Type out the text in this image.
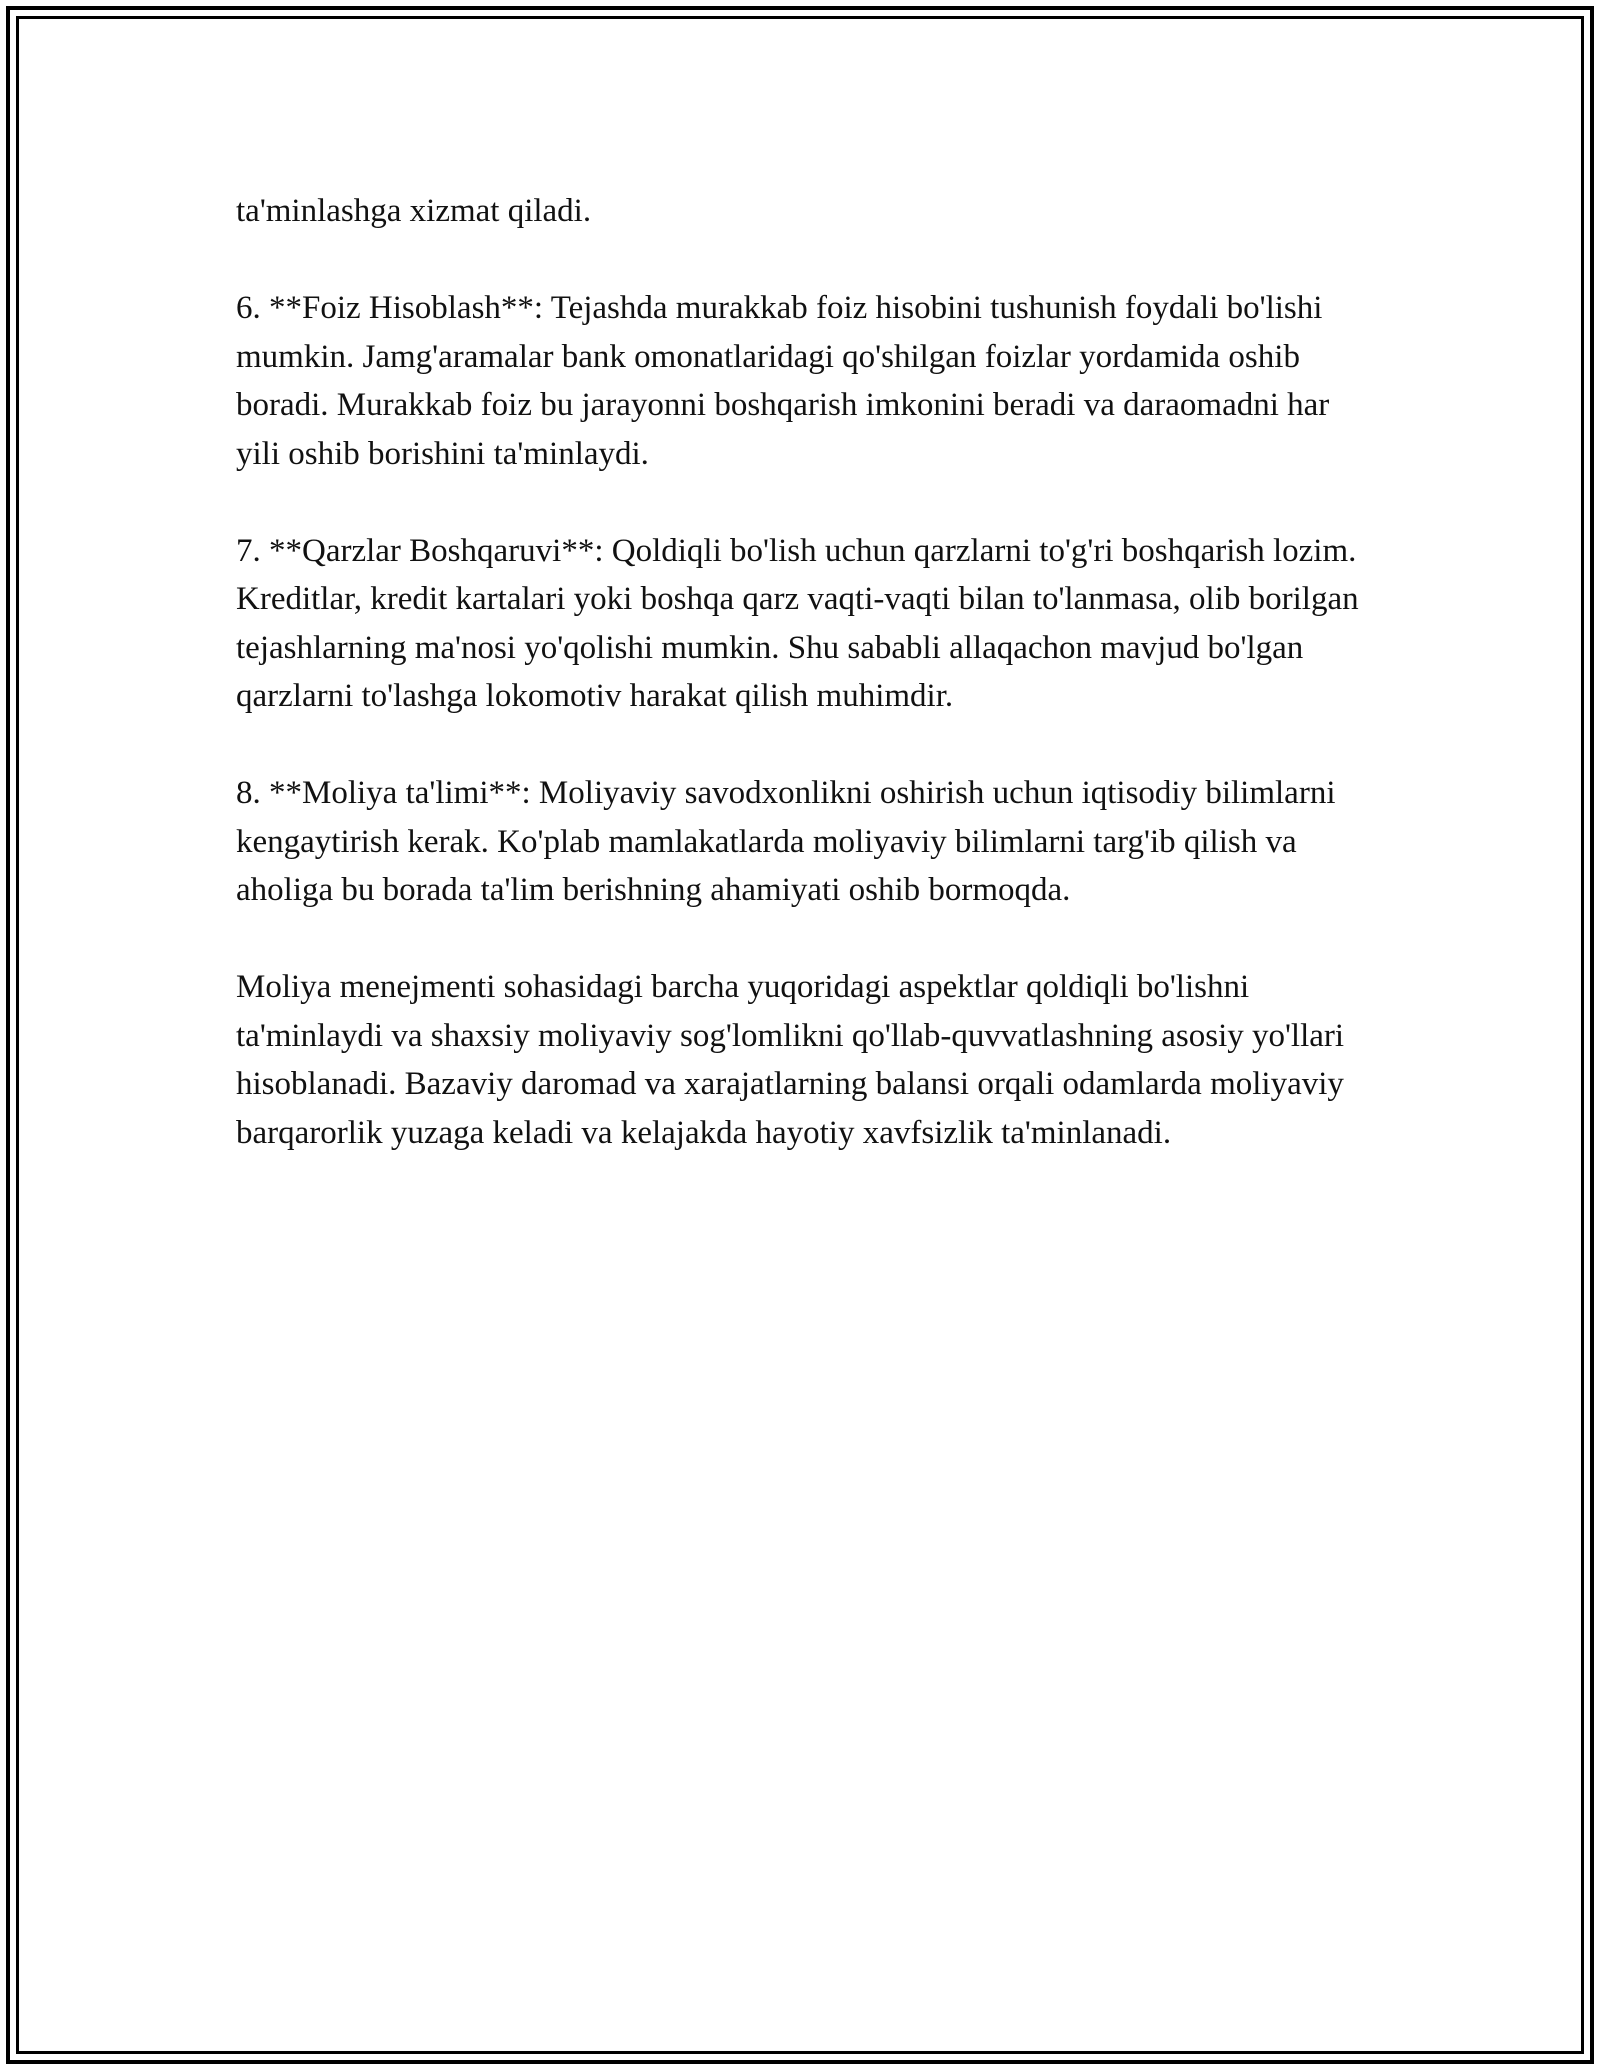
ta'minlashga xizmat qiladi.

6. **Foiz Hisoblash**: Tejashda murakkab foiz hisobini tushunish foydali bo'lishi mumkin. Jamg'aramalar bank omonatlaridagi qo'shilgan foizlar yordamida oshib boradi. Murakkab foiz bu jarayonni boshqarish imkonini beradi va daraomadni har yili oshib borishini ta'minlaydi.

7. **Qarzlar Boshqaruvi**: Qoldiqli bo'lish uchun qarzlarni to'g'ri boshqarish lozim. Kreditlar, kredit kartalari yoki boshqa qarz vaqti-vaqti bilan to'lanmasa, olib borilgan tejashlarning ma'nosi yo'qolishi mumkin. Shu sababli allaqachon mavjud bo'lgan qarzlarni to'lashga lokomotiv harakat qilish muhimdir.

8. **Moliya ta'limi**: Moliyaviy savodxonlikni oshirish uchun iqtisodiy bilimlarni kengaytirish kerak. Ko'plab mamlakatlarda moliyaviy bilimlarni targ'ib qilish va aholiga bu borada ta'lim berishning ahamiyati oshib bormoqda.

Moliya menejmenti sohasidagi barcha yuqoridagi aspektlar qoldiqli bo'lishni ta'minlaydi va shaxsiy moliyaviy sog'lomlikni qo'llab-quvvatlashning asosiy yo'llari hisoblanadi. Bazaviy daromad va xarajatlarning balansi orqali odamlarda moliyaviy barqarorlik yuzaga keladi va kelajakda hayotiy xavfsizlik ta'minlanadi.
